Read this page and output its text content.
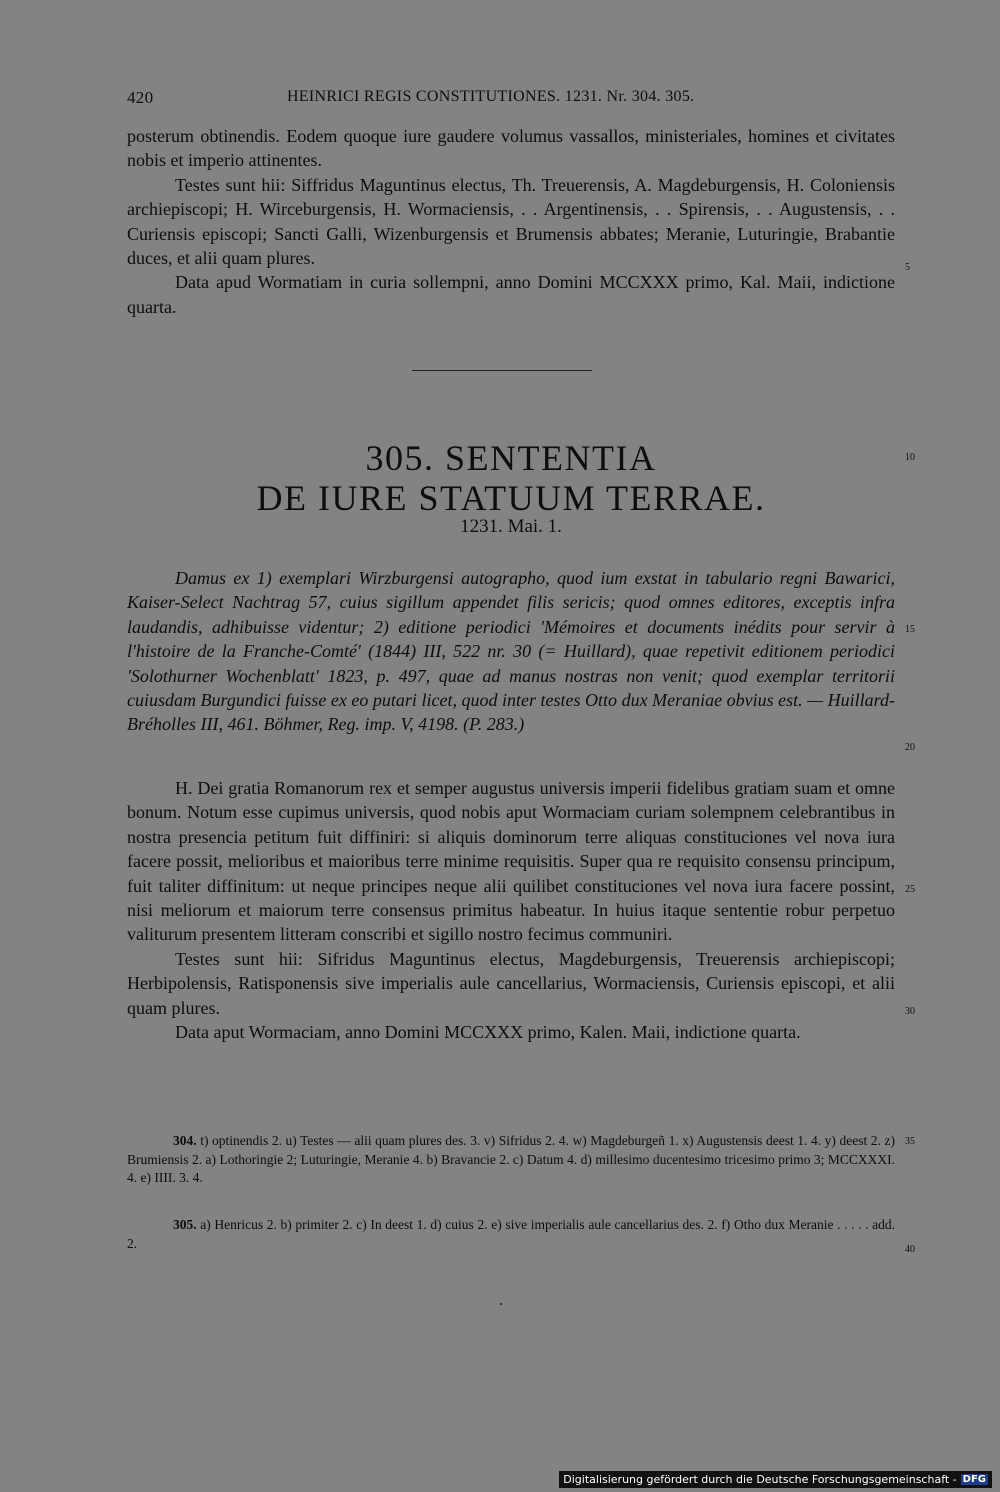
420	HEINRICI REGIS CONSTITUTIONES. 1231. Nr. 304. 305.

posterum obtinendis. Eodem quoque iure gaudere volumus vassallos, ministeriales, homines et civitates nobis et imperio attinentes.

Testes sunt hii: Siffridus Maguntinus electus, Th. Treuerensis, A. Magdeburgensis, H. Coloniensis archiepiscopi; H. Wirceburgensis, H. Wormaciensis, . . Argentinensis, . . Spirensis, . . Augustensis, . . Curiensis episcopi; Sancti Galli, Wizenburgensis et Brumensis abbates; Meranie, Luturingie, Brabantie duces, et alii quam plures.

Data apud Wormatiam in curia sollempni, anno Domini MCCXXX primo, Kal. Maii, indictione quarta.

5
305. SENTENTIA
DE IURE STATUUM TERRAE.
10
1231. Mai. 1.

Damus ex 1) exemplari Wirzburgensi autographo, quod ium exstat in tabulario regni Bawarici, Kaiser-Select Nachtrag 57, cuius sigillum appendet filis sericis; quod omnes editores, exceptis infra laudandis, adhibuisse videntur; 2) editione periodici 'Mémoires et documents inédits pour servir à l'histoire de la Franche-Comté' (1844) III, 522 nr. 30 (= Huillard), quae repetivit editionem periodici 'Solothurner Wochenblatt' 1823, p. 497, quae ad manus nostras non venit; quod exemplar territorii cuiusdam Burgundici fuisse ex eo putari licet, quod inter testes Otto dux Meraniae obvius est. — Huillard-Bréholles III, 461. Böhmer, Reg. imp. V, 4198. (P. 283.)

15
20

H. Dei gratia Romanorum rex et semper augustus universis imperii fidelibus gratiam suam et omne bonum. Notum esse cupimus universis, quod nobis aput Wormaciam curiam solempnem celebrantibus in nostra presencia petitum fuit diffiniri: si aliquis dominorum terre aliquas constituciones vel nova iura facere possit, melioribus et maioribus terre minime requisitis. Super qua re requisito consensu principum, fuit taliter diffinitum: ut neque principes neque alii quilibet constituciones vel nova iura facere possint, nisi meliorum et maiorum terre consensus primitus habeatur. In huius itaque sententie robur perpetuo valiturum presentem litteram conscribi et sigillo nostro fecimus communiri.

Testes sunt hii: Sifridus Maguntinus electus, Magdeburgensis, Treuerensis archiepiscopi; Herbipolensis, Ratisponensis sive imperialis aule cancellarius, Wormaciensis, Curiensis episcopi, et alii quam plures.

Data aput Wormaciam, anno Domini MCCXXX primo, Kalen. Maii, indictione quarta.

25
30

304. t) optinendis 2. u) Testes — alii quam plures des. 3. v) Sifridus 2. 4. w) Magdeburgeñ 1. x) Augustensis deest 1. 4. y) deest 2. z) Brumiensis 2. a) Lothoringie 2; Luturingie, Meranie 4. b) Bravancie 2. c) Datum 4. d) millesimo ducentesimo tricesimo primo 3; MCCXXXI. 4. e) IIII. 3. 4.

305. a) Henricus 2. b) primiter 2. c) In deest 1. d) cuius 2. e) sive imperialis aule cancellarius des. 2. f) Otho dux Meranie . . . . . add. 2.

35
40
Digitalisierung gefördert durch die Deutsche Forschungsgemeinschaft - DFG
